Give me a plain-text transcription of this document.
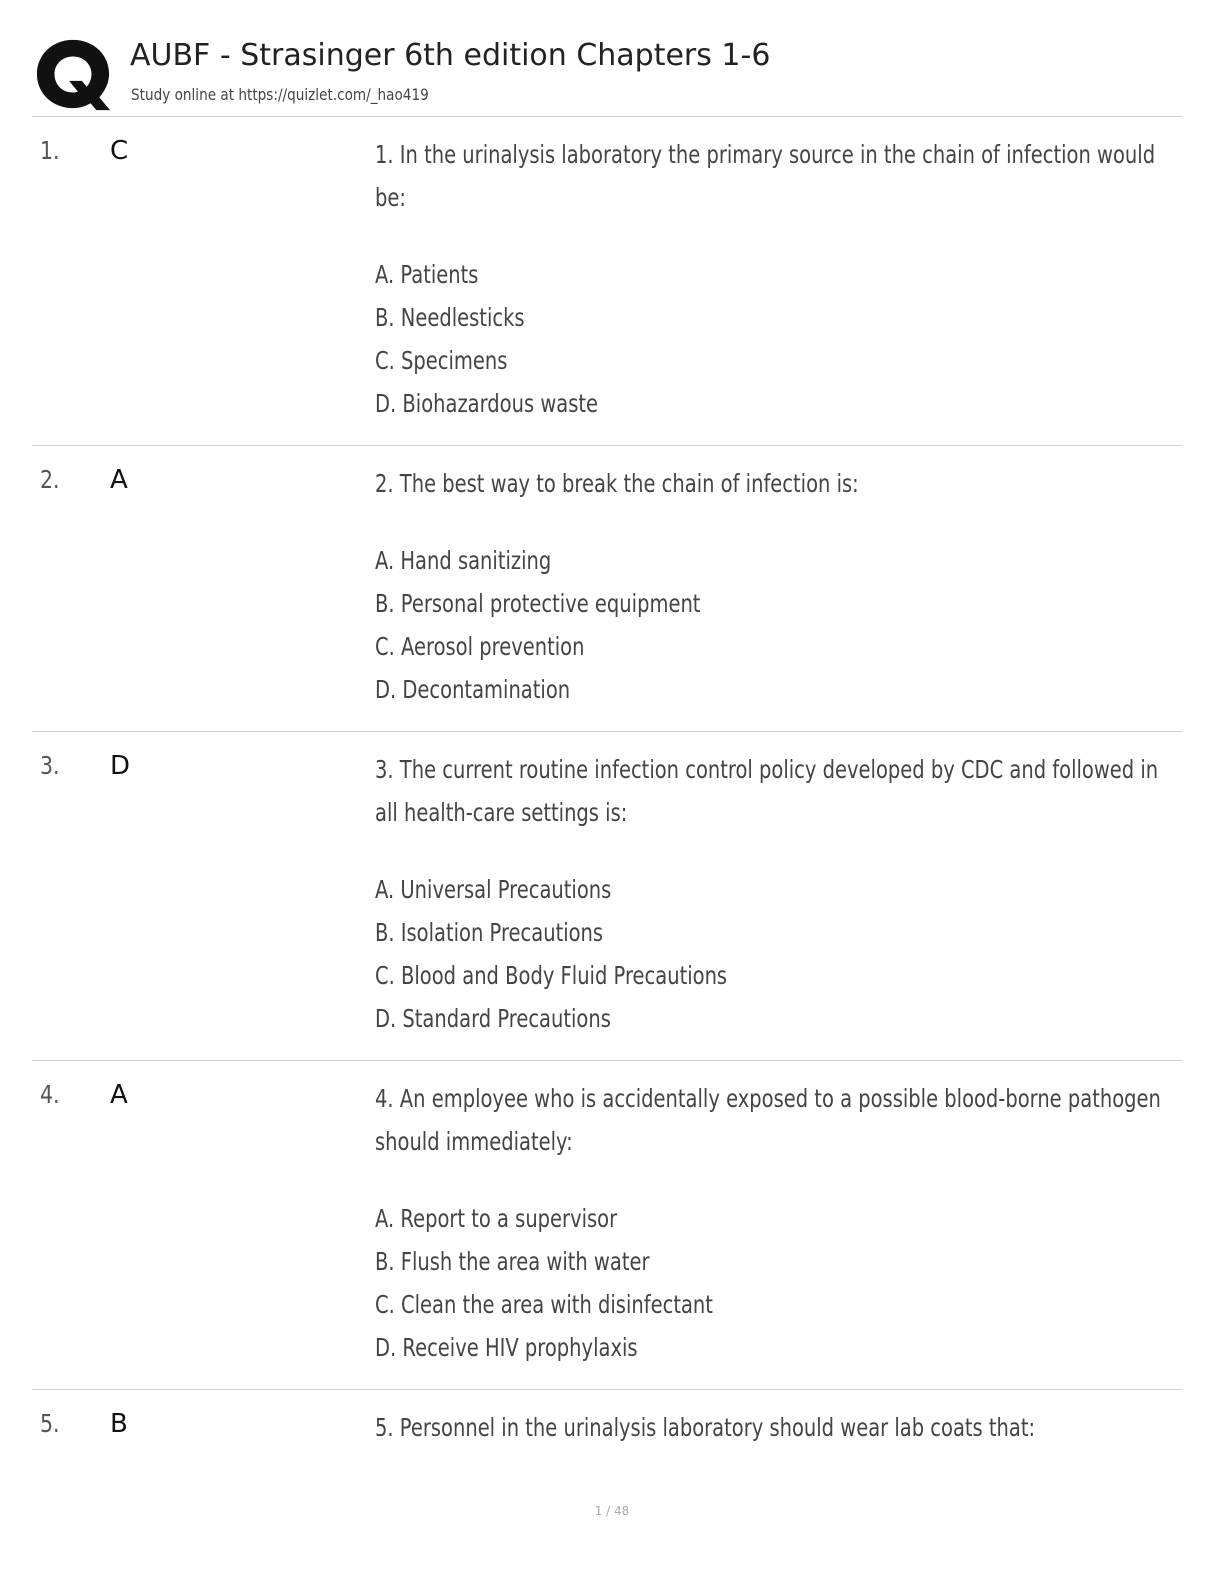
AUBF - Strasinger 6th edition Chapters 1-6
Study online at https://quizlet.com/_hao419
1. C	1. In the urinalysis laboratory the primary source in the chain of infection would
be:
A. Patients
B. Needlesticks
C. Specimens
D. Biohazardous waste
2. A	2. The best way to break the chain of infection is:
A. Hand sanitizing
B. Personal protective equipment
C. Aerosol prevention
D. Decontamination
3. D	3. The current routine infection control policy developed by CDC and followed in
all health-care settings is:
A. Universal Precautions
B. Isolation Precautions
C. Blood and Body Fluid Precautions
D. Standard Precautions
4. A	4. An employee who is accidentally exposed to a possible blood-borne pathogen
should immediately:
A. Report to a supervisor
B. Flush the area with water
C. Clean the area with disinfectant
D. Receive HIV prophylaxis
5. B	5. Personnel in the urinalysis laboratory should wear lab coats that:
1 / 48
